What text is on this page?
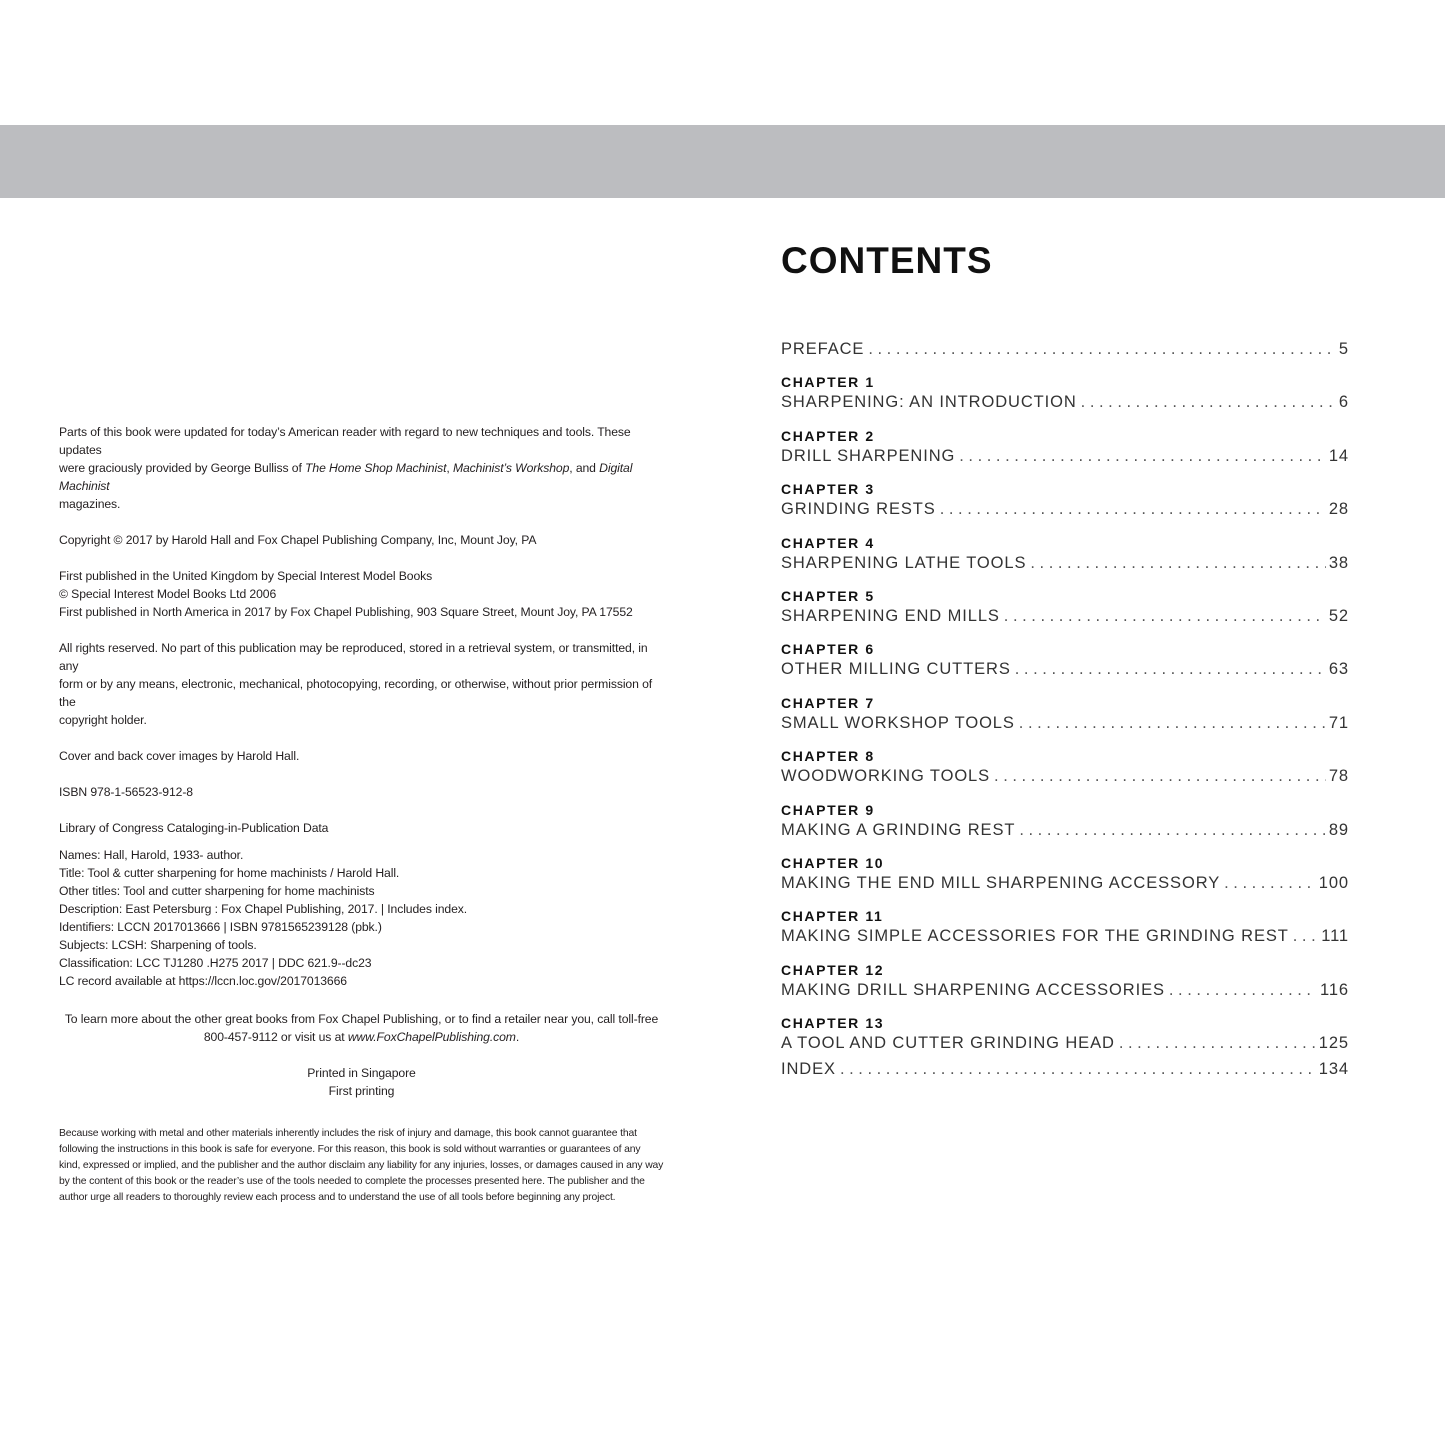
Parts of this book were updated for today’s American reader with regard to new techniques and tools. These updates

were graciously provided by George Bulliss of The Home Shop Machinist, Machinist’s Workshop, and Digital Machinist

magazines.

Copyright © 2017 by Harold Hall and Fox Chapel Publishing Company, Inc, Mount Joy, PA

First published in the United Kingdom by Special Interest Model Books

© Special Interest Model Books Ltd 2006

First published in North America in 2017 by Fox Chapel Publishing, 903 Square Street, Mount Joy, PA 17552

All rights reserved. No part of this publication may be reproduced, stored in a retrieval system, or transmitted, in any

form or by any means, electronic, mechanical, photocopying, recording, or otherwise, without prior permission of the

copyright holder.

Cover and back cover images by Harold Hall.

ISBN 978-1-56523-912-8

Library of Congress Cataloging-in-Publication Data

Names: Hall, Harold, 1933- author.

Title: Tool & cutter sharpening for home machinists / Harold Hall.

Other titles: Tool and cutter sharpening for home machinists

Description: East Petersburg : Fox Chapel Publishing, 2017. | Includes index.

Identifiers: LCCN 2017013666 | ISBN 9781565239128 (pbk.)

Subjects: LCSH: Sharpening of tools.

Classification: LCC TJ1280 .H275 2017 | DDC 621.9--dc23

LC record available at https://lccn.loc.gov/2017013666

To learn more about the other great books from Fox Chapel Publishing, or to find a retailer near you, call toll-free

800-457-9112 or visit us at www.FoxChapelPublishing.com.

Printed in Singapore

First printing

Because working with metal and other materials inherently includes the risk of injury and damage, this book cannot guarantee that

following the instructions in this book is safe for everyone. For this reason, this book is sold without warranties or guarantees of any

kind, expressed or implied, and the publisher and the author disclaim any liability for any injuries, losses, or damages caused in any way

by the content of this book or the reader’s use of the tools needed to complete the processes presented here. The publisher and the

author urge all readers to thoroughly review each process and to understand the use of all tools before beginning any project.

CONTENTS
PREFACE . . .	5
CHAPTER 1
SHARPENING: AN INTRODUCTION . . .	6
CHAPTER 2
DRILL SHARPENING . . .	14
CHAPTER 3
GRINDING RESTS . . .	28
CHAPTER 4
SHARPENING LATHE TOOLS . . .	38
CHAPTER 5
SHARPENING END MILLS . . .	52
CHAPTER 6
OTHER MILLING CUTTERS . . .	63
CHAPTER 7
SMALL WORKSHOP TOOLS . . .	71
CHAPTER 8
WOODWORKING TOOLS . . .	78
CHAPTER 9
MAKING A GRINDING REST . . .	89
CHAPTER 10
MAKING THE END MILL SHARPENING ACCESSORY . . .	100
CHAPTER 11
MAKING SIMPLE ACCESSORIES FOR THE GRINDING REST . . . 111
CHAPTER 12
MAKING DRILL SHARPENING ACCESSORIES . . .	116
CHAPTER 13
A TOOL AND CUTTER GRINDING HEAD . . .	125
INDEX . . .	134
